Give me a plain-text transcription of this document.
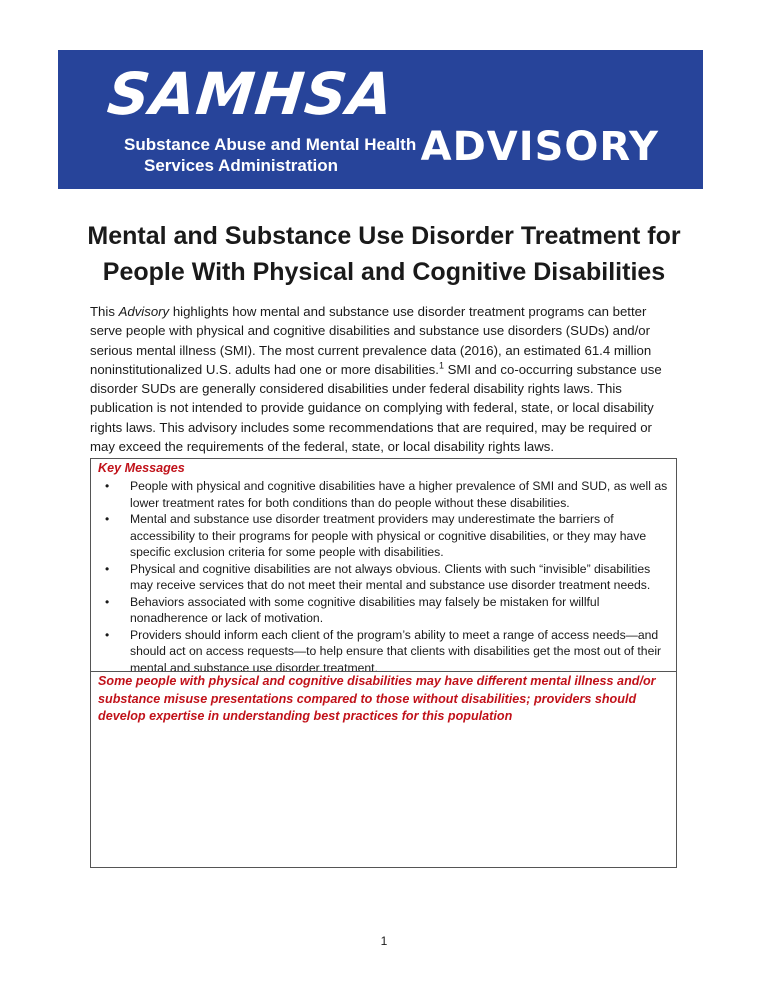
SAMHSA
Substance Abuse and Mental Health
Services Administration	ADVISORY
Mental and Substance Use Disorder Treatment for
People With Physical and Cognitive Disabilities
This Advisory highlights how mental and substance use disorder treatment programs can better serve people with physical and cognitive disabilities and substance use disorders (SUDs) and/or serious mental illness (SMI). The most current prevalence data (2016), an estimated 61.4 million noninstitutionalized U.S. adults had one or more disabilities.$^1$ SMI and co-occurring substance use disorder SUDs are generally considered disabilities under federal disability rights laws. This publication is not intended to provide guidance on complying with federal, state, or local disability rights laws. This advisory includes some recommendations that are required, may be required or may exceed the requirements of the federal, state, or local disability rights laws.
Key Messages
• People with physical and cognitive disabilities have a higher prevalence of SMI and SUD, as well as lower treatment rates for both conditions than do people without these disabilities.
• Mental and substance use disorder treatment providers may underestimate the barriers of accessibility to their programs for people with physical or cognitive disabilities, or they may have specific exclusion criteria for some people with disabilities.
• Physical and cognitive disabilities are not always obvious. Clients with such “invisible” disabilities may receive services that do not meet their mental and substance use disorder treatment needs.
• Behaviors associated with some cognitive disabilities may falsely be mistaken for willful nonadherence or lack of motivation.
• Providers should inform each client of the program’s ability to meet a range of access needs—and should act on access requests—to help ensure that clients with disabilities get the most out of their mental and substance use disorder treatment.
Some people with physical and cognitive disabilities may have different mental illness and/or substance misuse presentations compared to those without disabilities; providers should develop expertise in understanding best practices for this population
1
